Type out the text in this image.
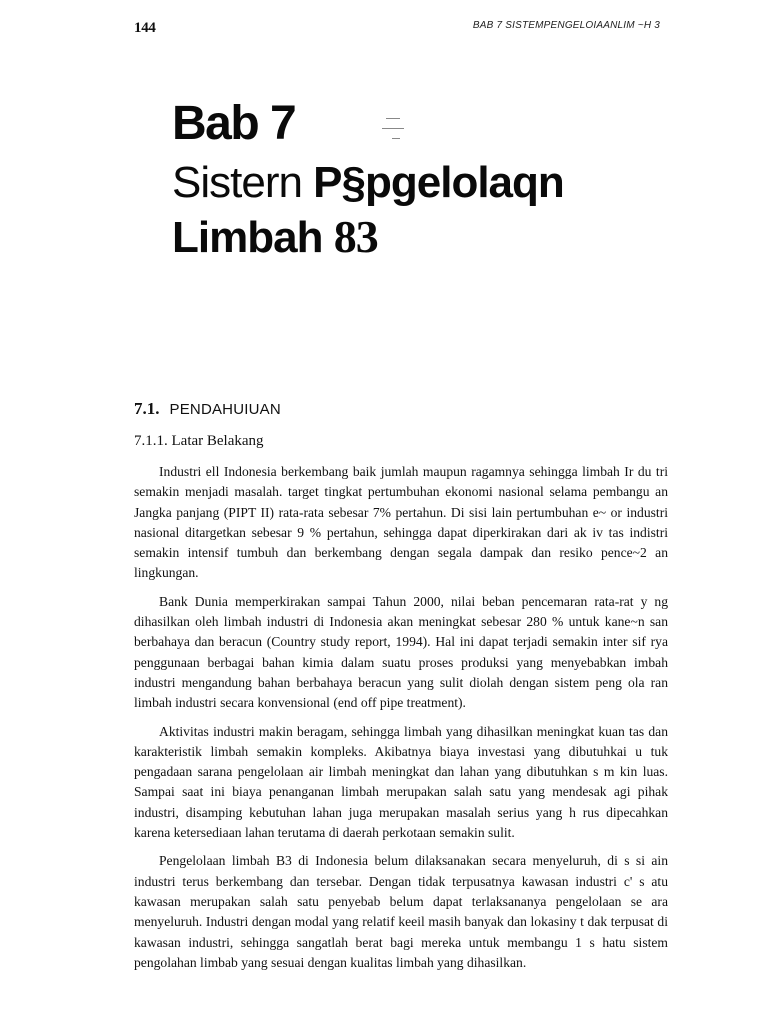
144	BAB 7 SISTEMPENGELOIAANLIM ~H 3
Bab 7
Sistern P§pgelolaqn
Limbah 83
7.1. PENDAHUIUAN
7.1.1. Latar Belakang

Industri ell Indonesia berkembang baik jumlah maupun ragamnya sehingga limbah Ir du tri semakin menjadi masalah. target tingkat pertumbuhan ekonomi nasional selama pembangu an Jangka panjang (PIPT II) rata-rata sebesar 7% pertahun. Di sisi lain pertumbuhan e~ or industri nasional ditargetkan sebesar 9 % pertahun, sehingga dapat diperkirakan dari ak iv tas indistri semakin intensif tumbuh dan berkembang dengan segala dampak dan resiko pence~2 an lingkungan.

Bank Dunia memperkirakan sampai Tahun 2000, nilai beban pencemaran rata-rat y ng dihasilkan oleh limbah industri di Indonesia akan meningkat sebesar 280 % untuk kane~n san berbahaya dan beracun (Country study report, 1994). Hal ini dapat terjadi semakin inter sif rya penggunaan berbagai bahan kimia dalam suatu proses produksi yang menyebabkan imbah industri mengandung bahan berbahaya beracun yang sulit diolah dengan sistem peng ola ran limbah industri secara konvensional (end off pipe treatment).

Aktivitas industri makin beragam, sehingga limbah yang dihasilkan meningkat kuan tas dan karakteristik limbah semakin kompleks. Akibatnya biaya investasi yang dibutuhkai u tuk pengadaan sarana pengelolaan air limbah meningkat dan lahan yang dibutuhkan s m kin luas. Sampai saat ini biaya penanganan limbah merupakan salah satu yang mendesak agi pihak industri, disamping kebutuhan lahan juga merupakan masalah serius yang h rus dipecahkan karena ketersediaan lahan terutama di daerah perkotaan semakin sulit.

Pengelolaan limbah B3 di Indonesia belum dilaksanakan secara menyeluruh, di s si ain industri terus berkembang dan tersebar. Dengan tidak terpusatnya kawasan industri c' s atu kawasan merupakan salah satu penyebab belum dapat terlaksananya pengelolaan se ara menyeluruh. Industri dengan modal yang relatif keeil masih banyak dan lokasiny t dak terpusat di kawasan industri, sehingga sangatlah berat bagi mereka untuk membangu 1 s hatu sistem pengolahan limbab yang sesuai dengan kualitas limbah yang dihasilkan.
